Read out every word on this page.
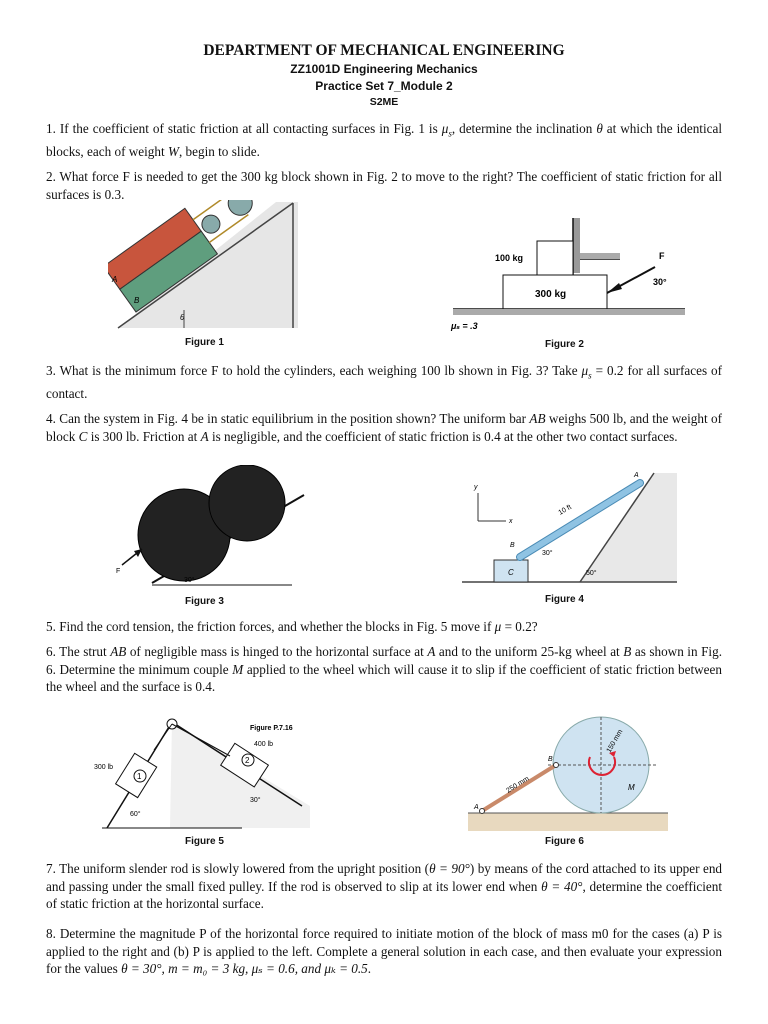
DEPARTMENT OF MECHANICAL ENGINEERING
ZZ1001D Engineering Mechanics
Practice Set 7_Module 2
S2ME
1. If the coefficient of static friction at all contacting surfaces in Fig. 1 is $\mu_s$, determine the inclination θ at which the identical blocks, each of weight W, begin to slide.
2. What force F is needed to get the 300 kg block shown in Fig. 2 to move to the right? The coefficient of static friction for all surfaces is 0.3.
A
B
θ
Figure 1
100 kg
300 kg
F
30°
μₛ = .3
Figure 2
3. What is the minimum force F to hold the cylinders, each weighing 100 lb shown in Fig. 3? Take $\mu_s = 0.2$ for all surfaces of contact.
4. Can the system in Fig. 4 be in static equilibrium in the position shown? The uniform bar AB weighs 500 lb, and the weight of block C is 300 lb. Friction at A is negligible, and the coefficient of static friction is 0.4 at the other two contact surfaces.
F
30°
Figure 3
y
x
C
A
B
10 ft
30°
50°
Figure 4
5. Find the cord tension, the friction forces, and whether the blocks in Fig. 5 move if μ = 0.2?
6. The strut AB of negligible mass is hinged to the horizontal surface at A and to the uniform 25-kg wheel at B as shown in Fig. 6. Determine the minimum couple M applied to the wheel which will cause it to slip if the coefficient of static friction between the wheel and the surface is 0.4.
1
2
Figure P.7.16
400 lb
300 lb
60°
30°
Figure 5
M
A
B
250 mm
150 mm
Figure 6
7. The uniform slender rod is slowly lowered from the upright position (θ = 90°) by means of the cord attached to its upper end and passing under the small fixed pulley. If the rod is observed to slip at its lower end when θ = 40°, determine the coefficient of static friction at the horizontal surface.
8. Determine the magnitude P of the horizontal force required to initiate motion of the block of mass m0 for the cases (a) P is applied to the right and (b) P is applied to the left. Complete a general solution in each case, and then evaluate your expression for the values θ = 30°, m = m₀ = 3 kg, μₛ = 0.6, and μₖ = 0.5.
